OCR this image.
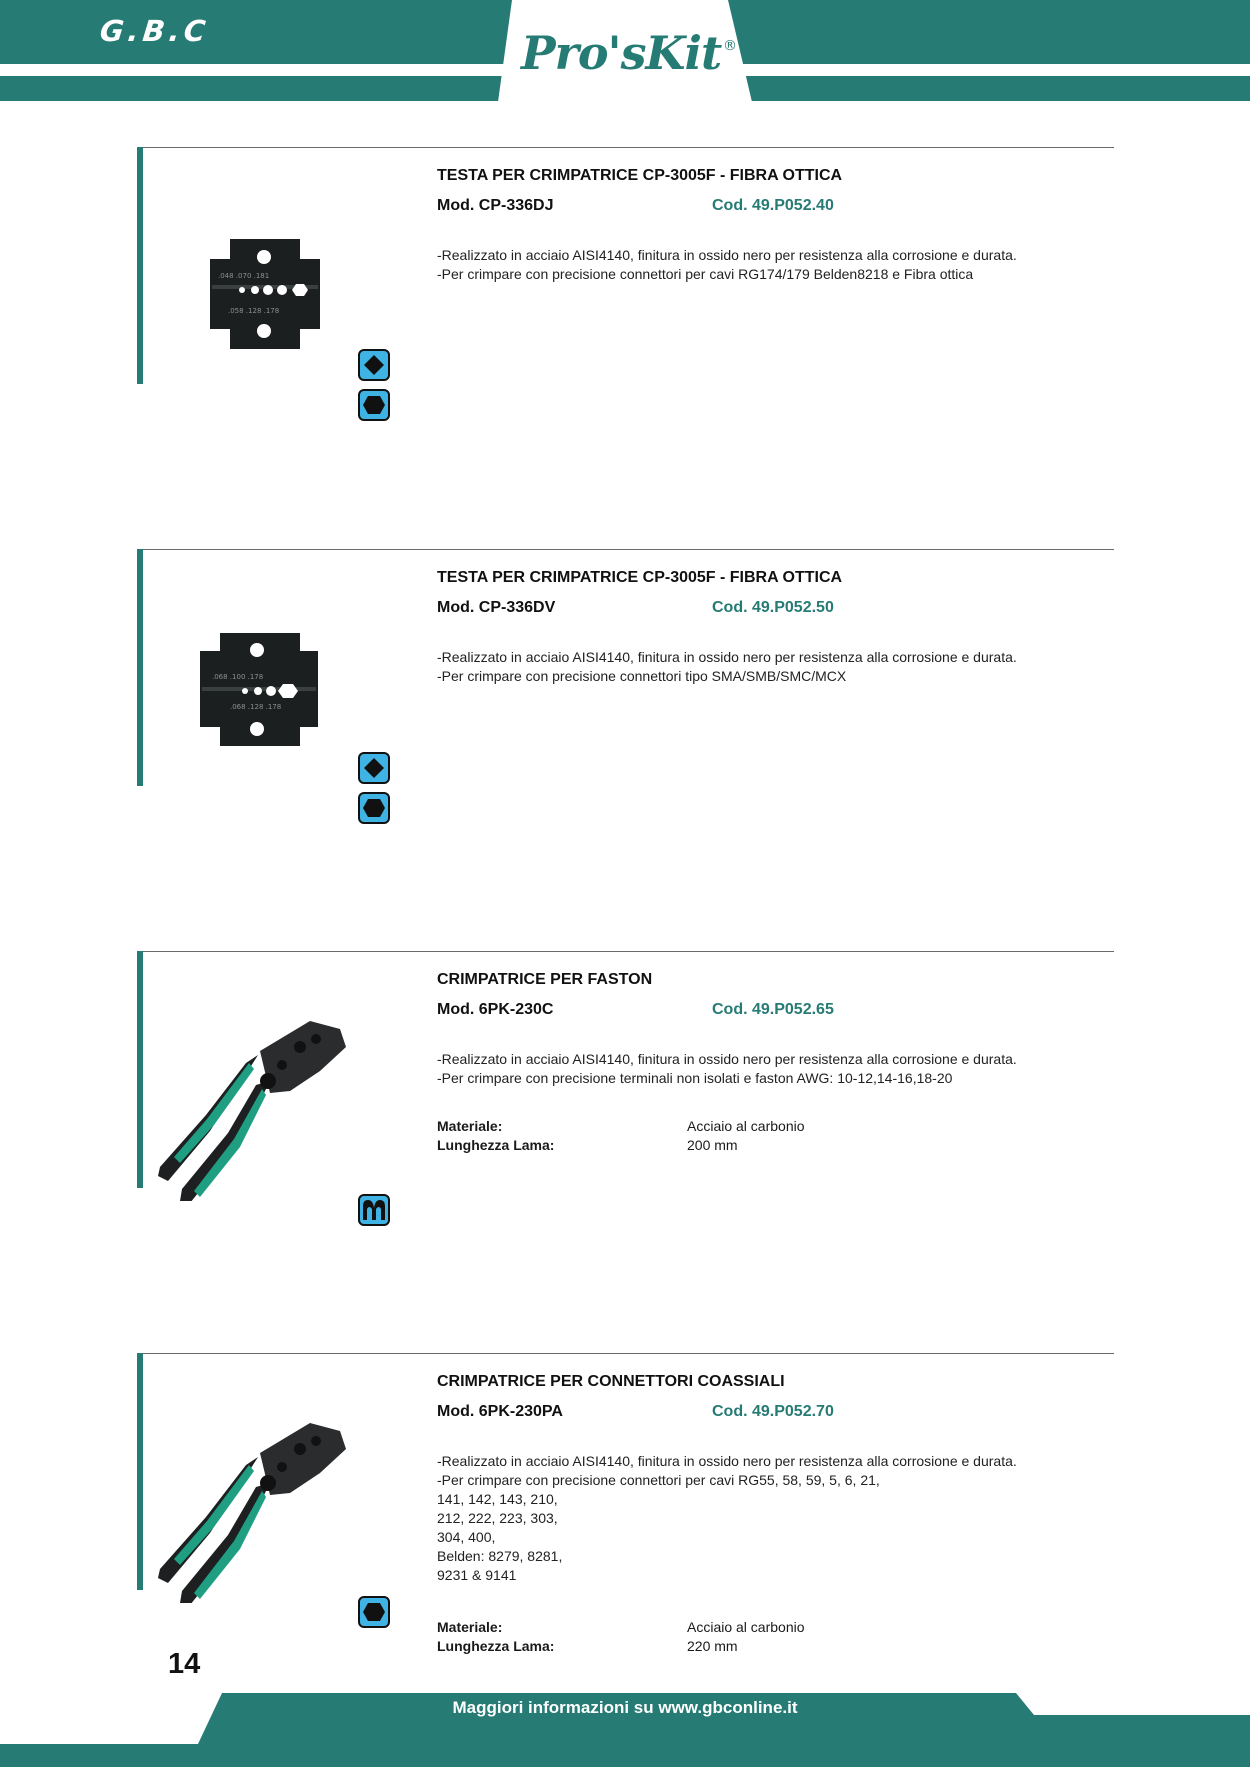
G.B.C	Pro'sKit ®
.048 .070 .181
.058 .128 .178
TESTA PER CRIMPATRICE CP-3005F - FIBRA OTTICA
Mod. CP-336DJ	Cod. 49.P052.40
-Realizzato in acciaio AISI4140, finitura in ossido nero per resistenza alla corrosione e durata.
-Per crimpare con precisione connettori per cavi RG174/179 Belden8218 e Fibra ottica
.068 .100 .178
.068 .128 .178
TESTA PER CRIMPATRICE CP-3005F - FIBRA OTTICA
Mod. CP-336DV	Cod. 49.P052.50
-Realizzato in acciaio AISI4140, finitura in ossido nero per resistenza alla corrosione e durata.
-Per crimpare con precisione connettori tipo SMA/SMB/SMC/MCX
CRIMPATRICE PER FASTON
Mod. 6PK-230C	Cod. 49.P052.65
-Realizzato in acciaio AISI4140, finitura in ossido nero per resistenza alla corrosione e durata.
-Per crimpare con precisione terminali non isolati e faston AWG: 10-12,14-16,18-20
Materiale:	Acciaio al carbonio
Lunghezza Lama:	200 mm
CRIMPATRICE PER CONNETTORI COASSIALI
Mod. 6PK-230PA	Cod. 49.P052.70
-Realizzato in acciaio AISI4140, finitura in ossido nero per resistenza alla corrosione e durata.
-Per crimpare con precisione connettori per cavi RG55, 58, 59, 5, 6, 21,
141, 142, 143, 210,
212, 222, 223, 303,
304, 400,
Belden: 8279, 8281,
9231 & 9141
Materiale:	Acciaio al carbonio
Lunghezza Lama:	220 mm
14
Maggiori informazioni su www.gbconline.it
